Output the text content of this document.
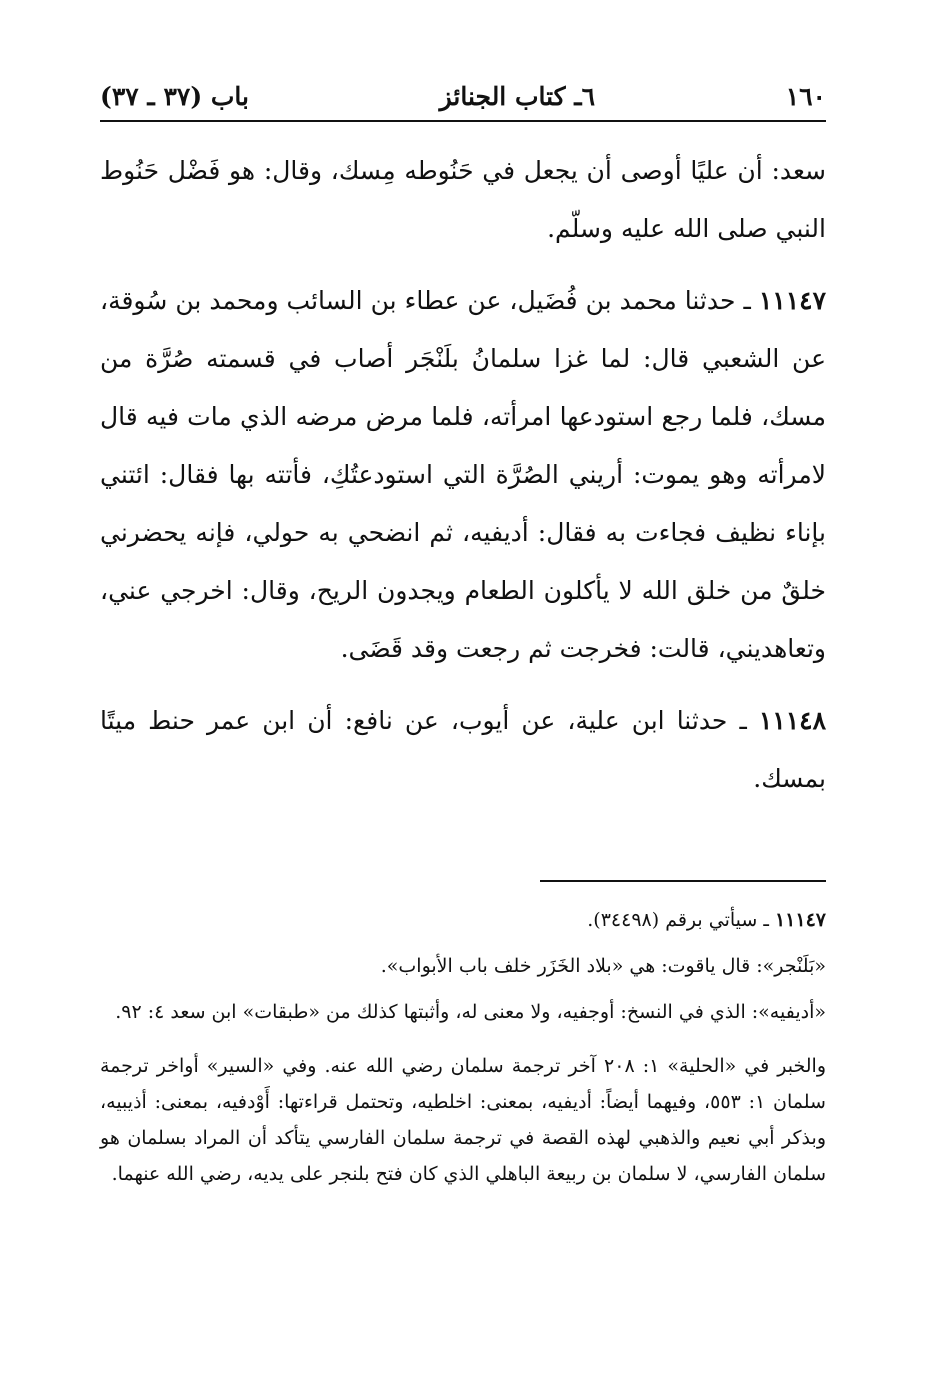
١٦٠
٦ـ كتاب الجنائز
باب (٣٧ ـ ٣٧)

سعد: أن عليًا أوصى أن يجعل في حَنُوطه مِسك، وقال: هو فَضْل حَنُوط النبي صلى الله عليه وسلّم.

١١١٤٧ ـ حدثنا محمد بن فُضَيل، عن عطاء بن السائب ومحمد بن سُوقة، عن الشعبي قال: لما غزا سلمانُ بلَنْجَر أصاب في قسمته صُرَّة من مسك، فلما رجع استودعها امرأته، فلما مرض مرضه الذي مات فيه قال لامرأته وهو يموت: أريني الصُرَّة التي استودعتُكِ، فأتته بها فقال: ائتني بإناء نظيف فجاءت به فقال: أديفيه، ثم انضحي به حولي، فإنه يحضرني خلقٌ من خلق الله لا يأكلون الطعام ويجدون الريح، وقال: اخرجي عني، وتعاهديني، قالت: فخرجت ثم رجعت وقد قَضَى.

١١١٤٨ ـ حدثنا ابن علية، عن أيوب، عن نافع: أن ابن عمر حنط ميتًا بمسك.

١١١٤٧ ـ سيأتي برقم (٣٤٤٩٨).

«بَلَنْجر»: قال ياقوت: هي «بلاد الخَزَر خلف باب الأبواب».

«أديفيه»: الذي في النسخ: أوجفيه، ولا معنى له، وأثبتها كذلك من «طبقات» ابن سعد ٤: ٩٢.

والخبر في «الحلية» ١: ٢٠٨ آخر ترجمة سلمان رضي الله عنه. وفي «السير» أواخر ترجمة سلمان ١: ٥٥٣، وفيهما أيضاً: أديفيه، بمعنى: اخلطيه، وتحتمل قراءتها: أَوْدفيه، بمعنى: أذيبيه، وبذكر أبي نعيم والذهبي لهذه القصة في ترجمة سلمان الفارسي يتأكد أن المراد بسلمان هو سلمان الفارسي، لا سلمان بن ربيعة الباهلي الذي كان فتح بلنجر على يديه، رضي الله عنهما.
